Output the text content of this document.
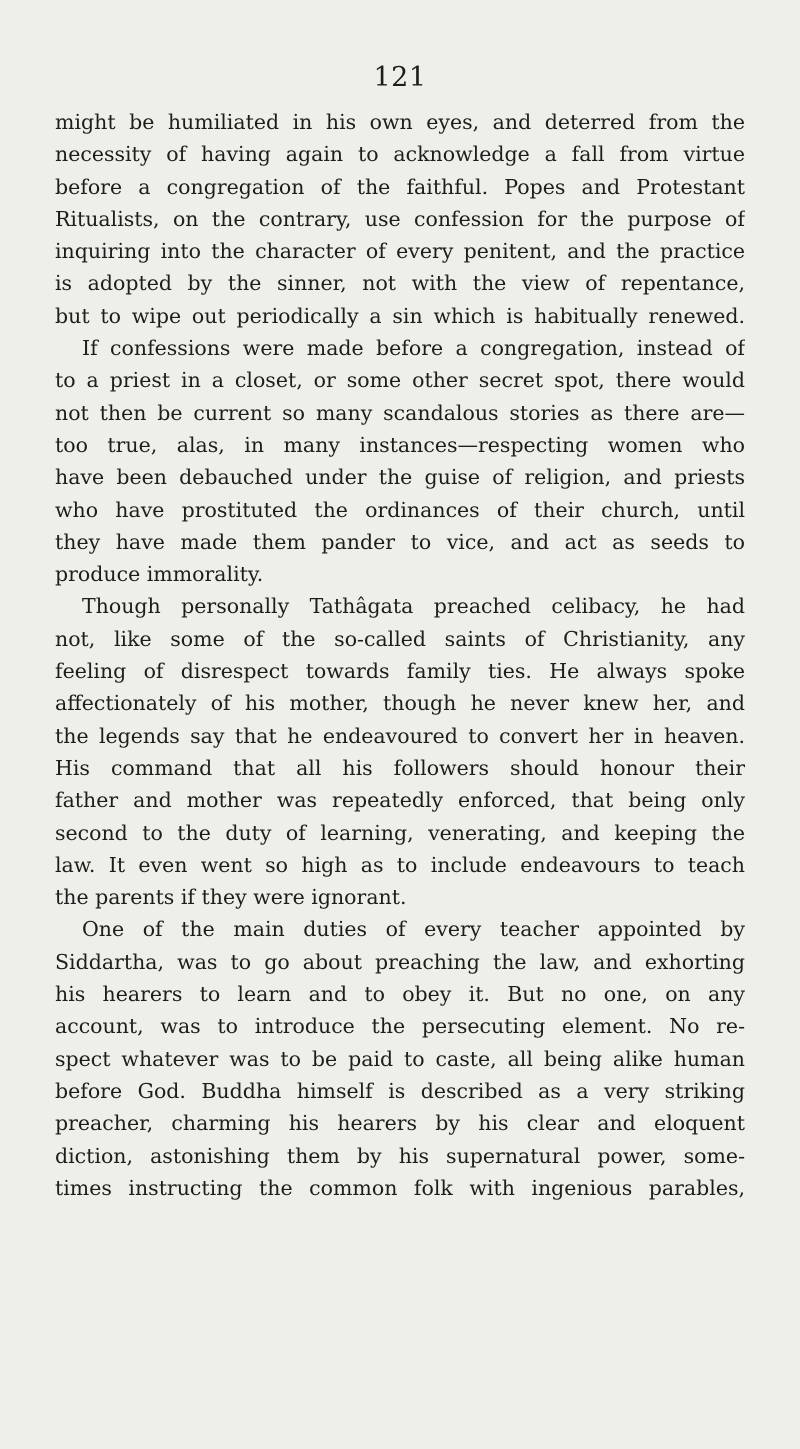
121
might be humiliated in his own eyes, and deterred from the
necessity of having again to acknowledge a fall from virtue
before a congregation of the faithful. Popes and Protestant
Ritualists, on the contrary, use confession for the purpose of
inquiring into the character of every penitent, and the practice
is adopted by the sinner, not with the view of repentance,
but to wipe out periodically a sin which is habitually renewed.
If confessions were made before a congregation, instead of
to a priest in a closet, or some other secret spot, there would
not then be current so many scandalous stories as there are—
too true, alas, in many instances—respecting women who
have been debauched under the guise of religion, and priests
who have prostituted the ordinances of their church, until
they have made them pander to vice, and act as seeds to
produce immorality.
Though personally Tathâgata preached celibacy, he had
not, like some of the so-called saints of Christianity, any
feeling of disrespect towards family ties. He always spoke
affectionately of his mother, though he never knew her, and
the legends say that he endeavoured to convert her in heaven.
His command that all his followers should honour their
father and mother was repeatedly enforced, that being only
second to the duty of learning, venerating, and keeping the
law. It even went so high as to include endeavours to teach
the parents if they were ignorant.
One of the main duties of every teacher appointed by
Siddartha, was to go about preaching the law, and exhorting
his hearers to learn and to obey it. But no one, on any
account, was to introduce the persecuting element. No re-
spect whatever was to be paid to caste, all being alike human
before God. Buddha himself is described as a very striking
preacher, charming his hearers by his clear and eloquent
diction, astonishing them by his supernatural power, some-
times instructing the common folk with ingenious parables,
